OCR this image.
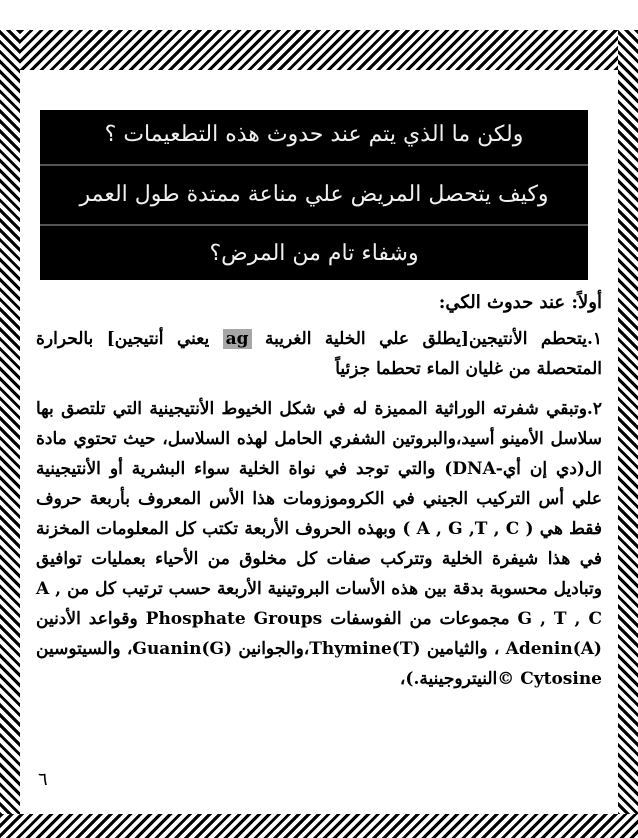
ولكن ما الذي يتم عند حدوث هذه التطعيمات ؟
وكيف يتحصل المريض علي مناعة ممتدة طول العمر
وشفاء تام من المرض؟

أولاً: عند حدوث الكي:

١.يتحطم الأنتيجين[يطلق علي الخلية الغريبة ag يعني أنتيجين] بالحرارة المتحصلة من غليان الماء تحطما جزئياً

٢.وتبقي شفرته الوراثية المميزة له في شكل الخيوط الأنتيجينية التي تلتصق بها سلاسل الأمينو أسيد،والبروتين الشفري الحامل لهذه السلاسل، حيث تحتوي مادة ال(دي إن أي-DNA) والتي توجد في نواة الخلية سواء البشرية أو الأنتيجينية علي أس التركيب الجيني في الكروموزومات هذا الأس المعروف بأربعة حروف فقط هي ( A , G ,T , C ) وبهذه الحروف الأربعة تكتب كل المعلومات المخزنة في هذا شيفرة الخلية وتتركب صفات كل مخلوق من الأحياء بعمليات توافيق وتباديل محسوبة بدقة بين هذه الأسات البروتينية الأربعة حسب ترتيب كل من A , G , T , C مجموعات من الفوسفات Phosphate Groups وقواعد الأدنين Adenin(A) ، والثيامين Thymine(T)،والجوانين Guanin(G)، والسيتوسين Cytosine ©النيتروجينية.)،

٦
